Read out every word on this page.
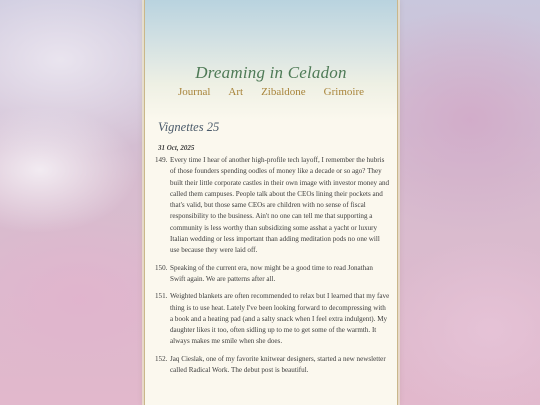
Dreaming in Celadon
Journal Art Zibaldone Grimoire
Vignettes 25
31 Oct, 2025
149. Every time I hear of another high-profile tech layoff, I remember the hubris of those founders spending oodles of money like a decade or so ago? They built their little corporate castles in their own image with investor money and called them campuses. People talk about the CEOs lining their pockets and that's valid, but those same CEOs are children with no sense of fiscal responsibility to the business. Ain't no one can tell me that supporting a community is less worthy than subsidizing some asshat a yacht or luxury Italian wedding or less important than adding meditation pods no one will use because they were laid off.
150. Speaking of the current era, now might be a good time to read Jonathan Swift again. We are patterns after all.
151. Weighted blankets are often recommended to relax but I learned that my fave thing is to use heat. Lately I've been looking forward to decompressing with a book and a heating pad (and a salty snack when I feel extra indulgent). My daughter likes it too, often sidling up to me to get some of the warmth. It always makes me smile when she does.
152. Jaq Cieslak, one of my favorite knitwear designers, started a new newsletter called Radical Work. The debut post is beautiful.
